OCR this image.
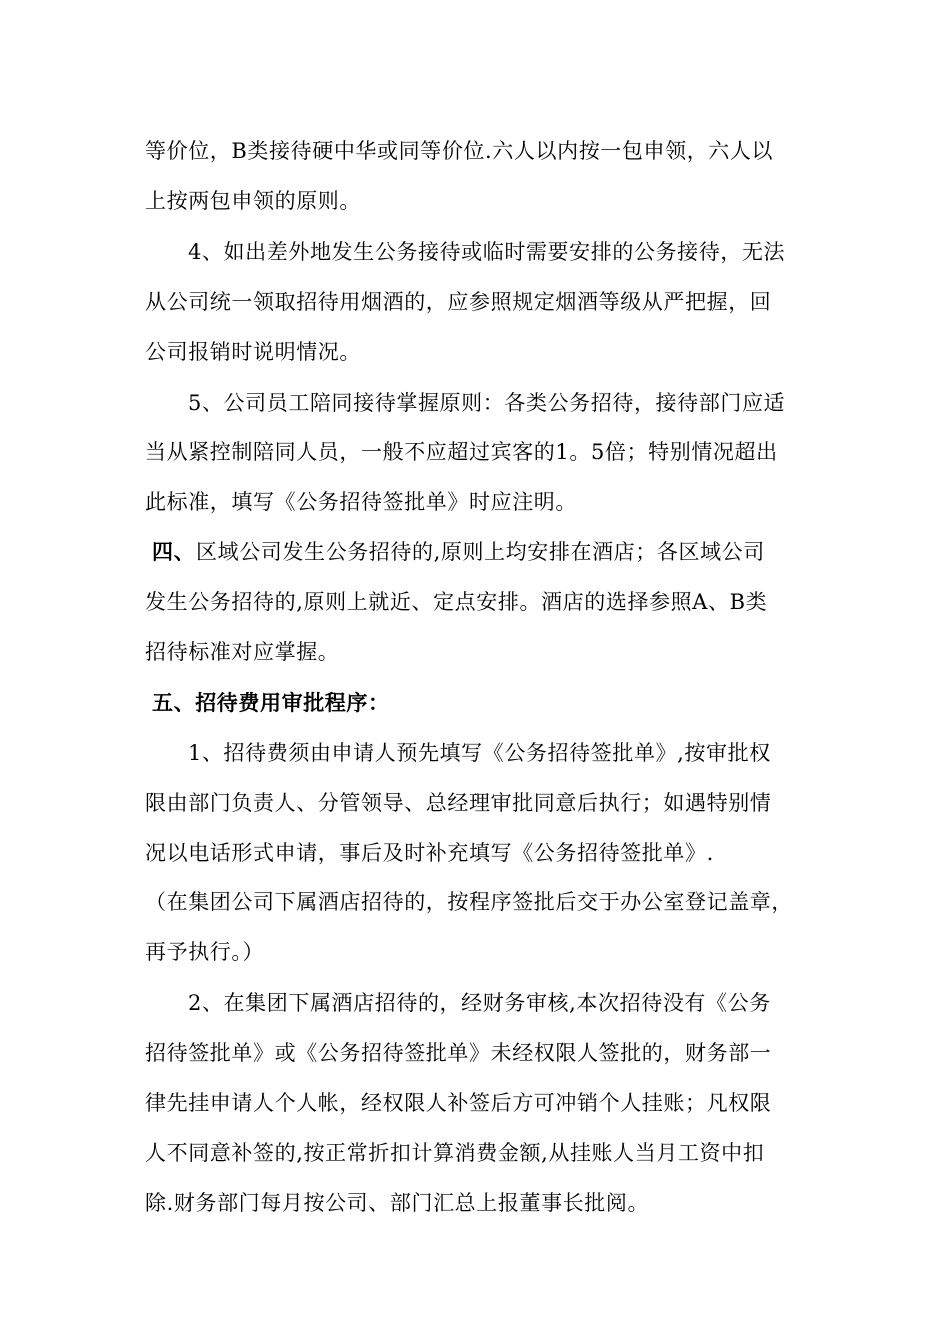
等价位，B类接待硬中华或同等价位.六人以内按一包申领，六人以
上按两包申领的原则。
4、如出差外地发生公务接待或临时需要安排的公务接待，无法
从公司统一领取招待用烟酒的，应参照规定烟酒等级从严把握，回
公司报销时说明情况。
5、公司员工陪同接待掌握原则：各类公务招待，接待部门应适
当从紧控制陪同人员，一般不应超过宾客的1。5倍；特别情况超出
此标准，填写《公务招待签批单》时应注明。
四、 区域公司发生公务招待的,原则上均安排在酒店；各区域公司
发生公务招待的,原则上就近、定点安排。酒店的选择参照A、B类
招待标准对应掌握。
五、招待费用审批程序：
1、招待费须由申请人预先填写《公务招待签批单》,按审批权
限由部门负责人、分管领导、总经理审批同意后执行；如遇特别情
况以电话形式申请，事后及时补充填写《公务招待签批单》.
（在集团公司下属酒店招待的，按程序签批后交于办公室登记盖章，
再予执行。）
2、在集团下属酒店招待的，经财务审核,本次招待没有《公务
招待签批单》或《公务招待签批单》未经权限人签批的，财务部一
律先挂申请人个人帐，经权限人补签后方可冲销个人挂账；凡权限
人不同意补签的,按正常折扣计算消费金额,从挂账人当月工资中扣
除.财务部门每月按公司、部门汇总上报董事长批阅。
